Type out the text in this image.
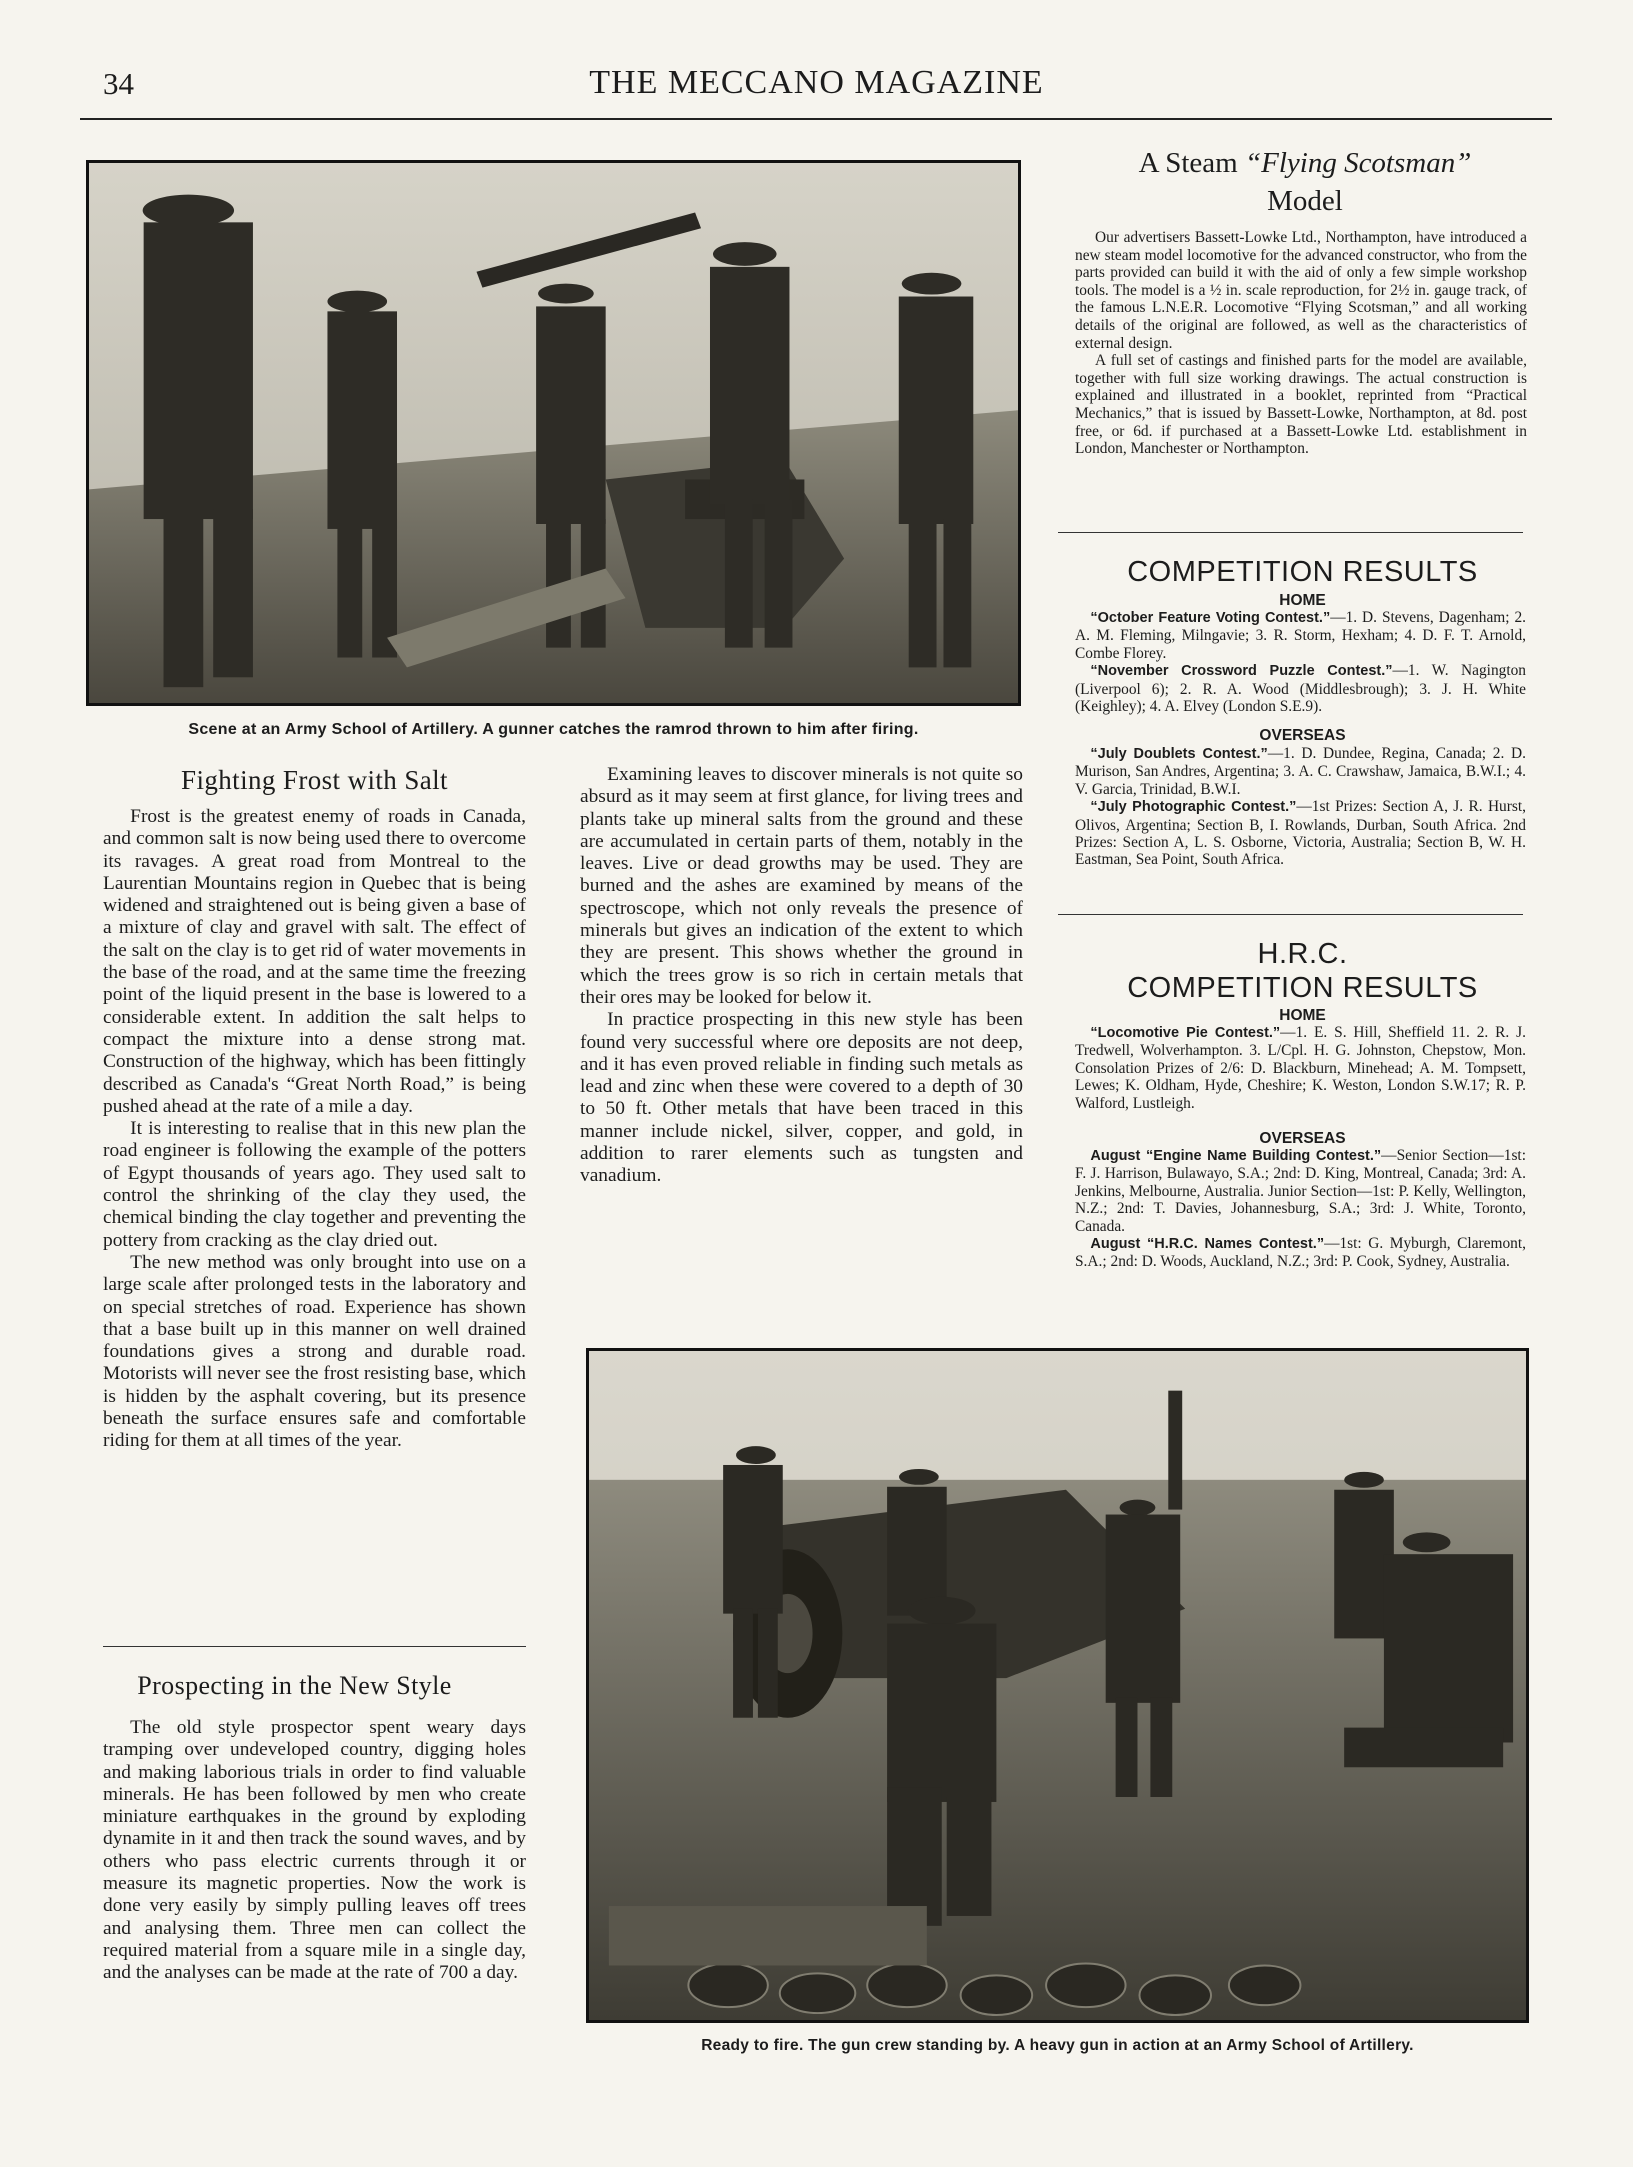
34	THE MECCANO MAGAZINE
Scene at an Army School of Artillery. A gunner catches the ramrod thrown to him after firing.
Fighting Frost with Salt

Frost is the greatest enemy of roads in Canada, and common salt is now being used there to overcome its ravages. A great road from Montreal to the Laurentian Mountains region in Quebec that is being widened and straightened out is being given a base of a mixture of clay and gravel with salt. The effect of the salt on the clay is to get rid of water movements in the base of the road, and at the same time the freezing point of the liquid present in the base is lowered to a considerable extent. In addition the salt helps to compact the mixture into a dense strong mat. Construction of the highway, which has been fittingly described as Canada's “Great North Road,” is being pushed ahead at the rate of a mile a day.

It is interesting to realise that in this new plan the road engineer is following the example of the potters of Egypt thousands of years ago. They used salt to control the shrinking of the clay they used, the chemical binding the clay together and preventing the pottery from cracking as the clay dried out.

The new method was only brought into use on a large scale after prolonged tests in the laboratory and on special stretches of road. Experience has shown that a base built up in this manner on well drained foundations gives a strong and durable road. Motorists will never see the frost resisting base, which is hidden by the asphalt covering, but its presence beneath the surface ensures safe and comfortable riding for them at all times of the year.

Prospecting in the New Style

The old style prospector spent weary days tramping over undeveloped country, digging holes and making laborious trials in order to find valuable minerals. He has been followed by men who create miniature earthquakes in the ground by exploding dynamite in it and then track the sound waves, and by others who pass electric currents through it or measure its magnetic properties. Now the work is done very easily by simply pulling leaves off trees and analysing them. Three men can collect the required material from a square mile in a single day, and the analyses can be made at the rate of 700 a day.

Examining leaves to discover minerals is not quite so absurd as it may seem at first glance, for living trees and plants take up mineral salts from the ground and these are accumulated in certain parts of them, notably in the leaves. Live or dead growths may be used. They are burned and the ashes are examined by means of the spectroscope, which not only reveals the presence of minerals but gives an indication of the extent to which they are present. This shows whether the ground in which the trees grow is so rich in certain metals that their ores may be looked for below it.

In practice prospecting in this new style has been found very successful where ore deposits are not deep, and it has even proved reliable in finding such metals as lead and zinc when these were covered to a depth of 30 to 50 ft. Other metals that have been traced in this manner include nickel, silver, copper, and gold, in addition to rarer elements such as tungsten and vanadium.

A Steam “Flying Scotsman”
Model

Our advertisers Bassett-Lowke Ltd., Northampton, have introduced a new steam model locomotive for the advanced constructor, who from the parts provided can build it with the aid of only a few simple workshop tools. The model is a ½ in. scale reproduction, for 2½ in. gauge track, of the famous L.N.E.R. Locomotive “Flying Scotsman,” and all working details of the original are followed, as well as the characteristics of external design.

A full set of castings and finished parts for the model are available, together with full size working drawings. The actual construction is explained and illustrated in a booklet, reprinted from “Practical Mechanics,” that is issued by Bassett-Lowke, Northampton, at 8d. post free, or 6d. if purchased at a Bassett-Lowke Ltd. establishment in London, Manchester or Northampton.

COMPETITION RESULTS
HOME

“October Feature Voting Contest.”—1. D. Stevens, Dagenham; 2. A. M. Fleming, Milngavie; 3. R. Storm, Hexham; 4. D. F. T. Arnold, Combe Florey.

“November Crossword Puzzle Contest.”—1. W. Nagington (Liverpool 6); 2. R. A. Wood (Middlesbrough); 3. J. H. White (Keighley); 4. A. Elvey (London S.E.9).

OVERSEAS

“July Doublets Contest.”—1. D. Dundee, Regina, Canada; 2. D. Murison, San Andres, Argentina; 3. A. C. Crawshaw, Jamaica, B.W.I.; 4. V. Garcia, Trinidad, B.W.I.

“July Photographic Contest.”—1st Prizes: Section A, J. R. Hurst, Olivos, Argentina; Section B, I. Rowlands, Durban, South Africa. 2nd Prizes: Section A, L. S. Osborne, Victoria, Australia; Section B, W. H. Eastman, Sea Point, South Africa.

H.R.C.
COMPETITION RESULTS
HOME

“Locomotive Pie Contest.”—1. E. S. Hill, Sheffield 11. 2. R. J. Tredwell, Wolverhampton. 3. L/Cpl. H. G. Johnston, Chepstow, Mon. Consolation Prizes of 2/6: D. Blackburn, Minehead; A. M. Tompsett, Lewes; K. Oldham, Hyde, Cheshire; K. Weston, London S.W.17; R. P. Walford, Lustleigh.

OVERSEAS

August “Engine Name Building Contest.”—Senior Section—1st: F. J. Harrison, Bulawayo, S.A.; 2nd: D. King, Montreal, Canada; 3rd: A. Jenkins, Melbourne, Australia. Junior Section—1st: P. Kelly, Wellington, N.Z.; 2nd: T. Davies, Johannesburg, S.A.; 3rd: J. White, Toronto, Canada.

August “H.R.C. Names Contest.”—1st: G. Myburgh, Claremont, S.A.; 2nd: D. Woods, Auckland, N.Z.; 3rd: P. Cook, Sydney, Australia.

Ready to fire. The gun crew standing by. A heavy gun in action at an Army School of Artillery.
